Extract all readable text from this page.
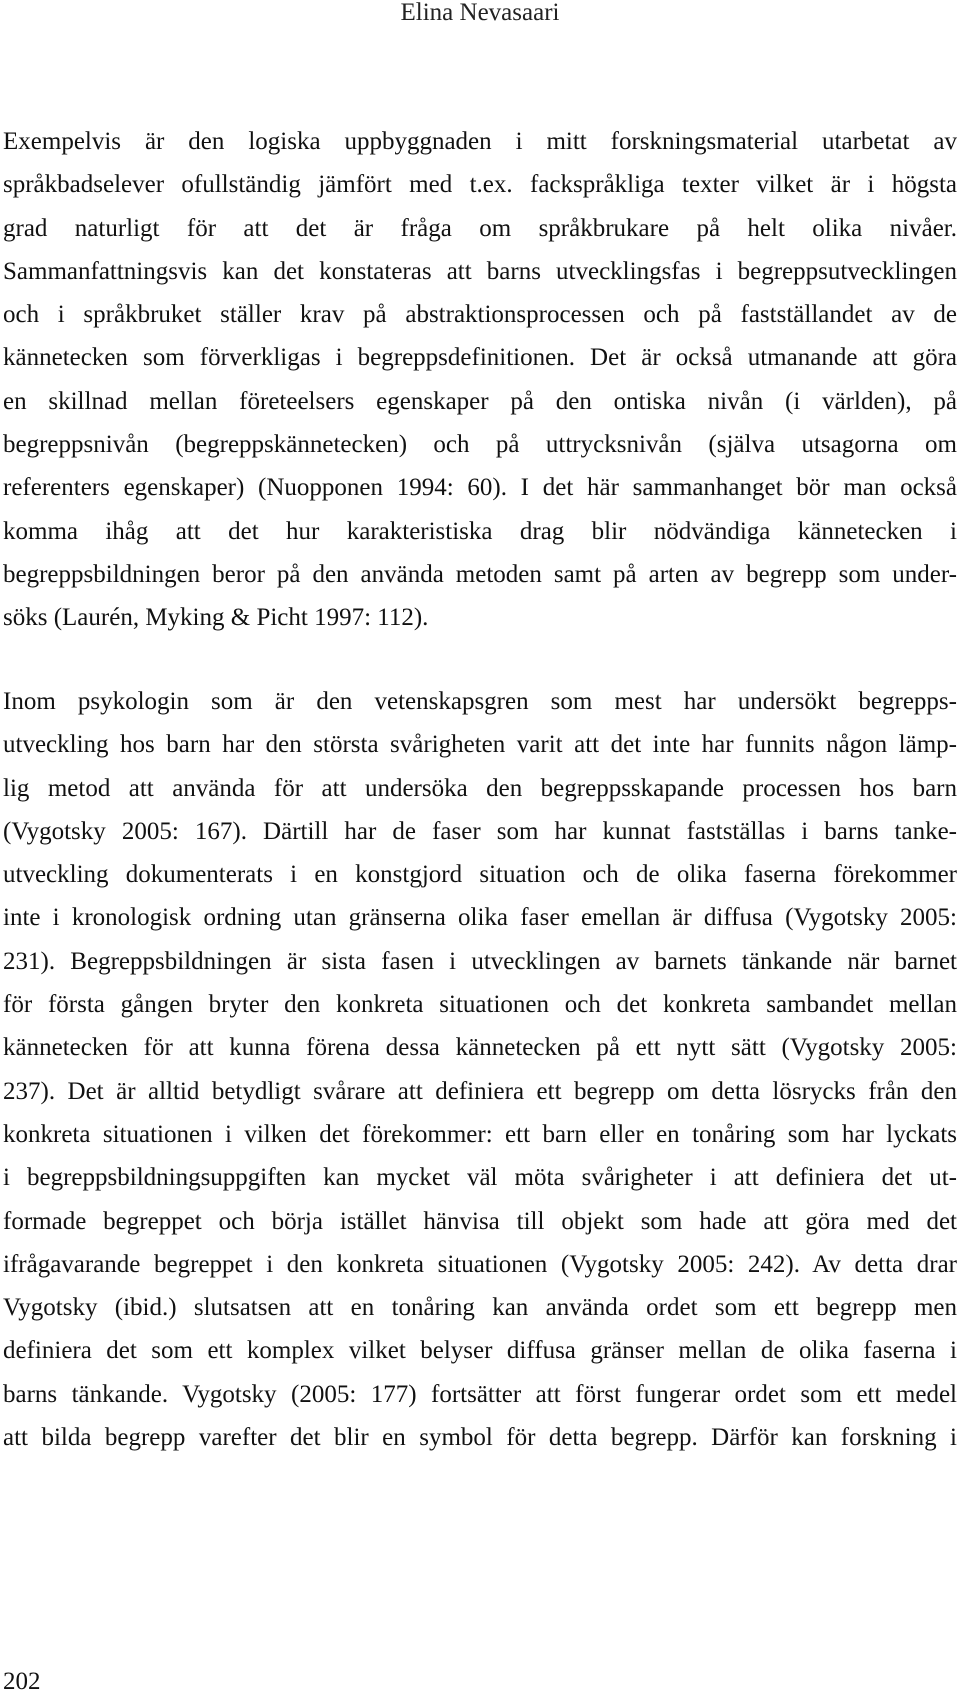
Elina Nevasaari
Exempelvis är den logiska uppbyggnaden i mitt forskningsmaterial utarbetat av
språkbadselever ofullständig jämfört med t.ex. fackspråkliga texter vilket är i högsta
grad naturligt för att det är fråga om språkbrukare på helt olika nivåer.
Sammanfattningsvis kan det konstateras att barns utvecklingsfas i begreppsutvecklingen
och i språkbruket ställer krav på abstraktionsprocessen och på fastställandet av de
kännetecken som förverkligas i begreppsdefinitionen. Det är också utmanande att göra
en skillnad mellan företeelsers egenskaper på den ontiska nivån (i världen), på
begreppsnivån (begreppskännetecken) och på uttrycksnivån (själva utsagorna om
referenters egenskaper) (Nuopponen 1994: 60). I det här sammanhanget bör man också
komma ihåg att det hur karakteristiska drag blir nödvändiga kännetecken i
begreppsbildningen beror på den använda metoden samt på arten av begrepp som under-
söks (Laurén, Myking & Picht 1997: 112).
Inom psykologin som är den vetenskapsgren som mest har undersökt begrepps-
utveckling hos barn har den största svårigheten varit att det inte har funnits någon lämp-
lig metod att använda för att undersöka den begreppsskapande processen hos barn
(Vygotsky 2005: 167). Därtill har de faser som har kunnat fastställas i barns tanke-
utveckling dokumenterats i en konstgjord situation och de olika faserna förekommer
inte i kronologisk ordning utan gränserna olika faser emellan är diffusa (Vygotsky 2005:
231). Begreppsbildningen är sista fasen i utvecklingen av barnets tänkande när barnet
för första gången bryter den konkreta situationen och det konkreta sambandet mellan
kännetecken för att kunna förena dessa kännetecken på ett nytt sätt (Vygotsky 2005:
237). Det är alltid betydligt svårare att definiera ett begrepp om detta lösrycks från den
konkreta situationen i vilken det förekommer: ett barn eller en tonåring som har lyckats
i begreppsbildningsuppgiften kan mycket väl möta svårigheter i att definiera det ut-
formade begreppet och börja istället hänvisa till objekt som hade att göra med det
ifrågavarande begreppet i den konkreta situationen (Vygotsky 2005: 242). Av detta drar
Vygotsky (ibid.) slutsatsen att en tonåring kan använda ordet som ett begrepp men
definiera det som ett komplex vilket belyser diffusa gränser mellan de olika faserna i
barns tänkande. Vygotsky (2005: 177) fortsätter att först fungerar ordet som ett medel
att bilda begrepp varefter det blir en symbol för detta begrepp. Därför kan forskning i
202
